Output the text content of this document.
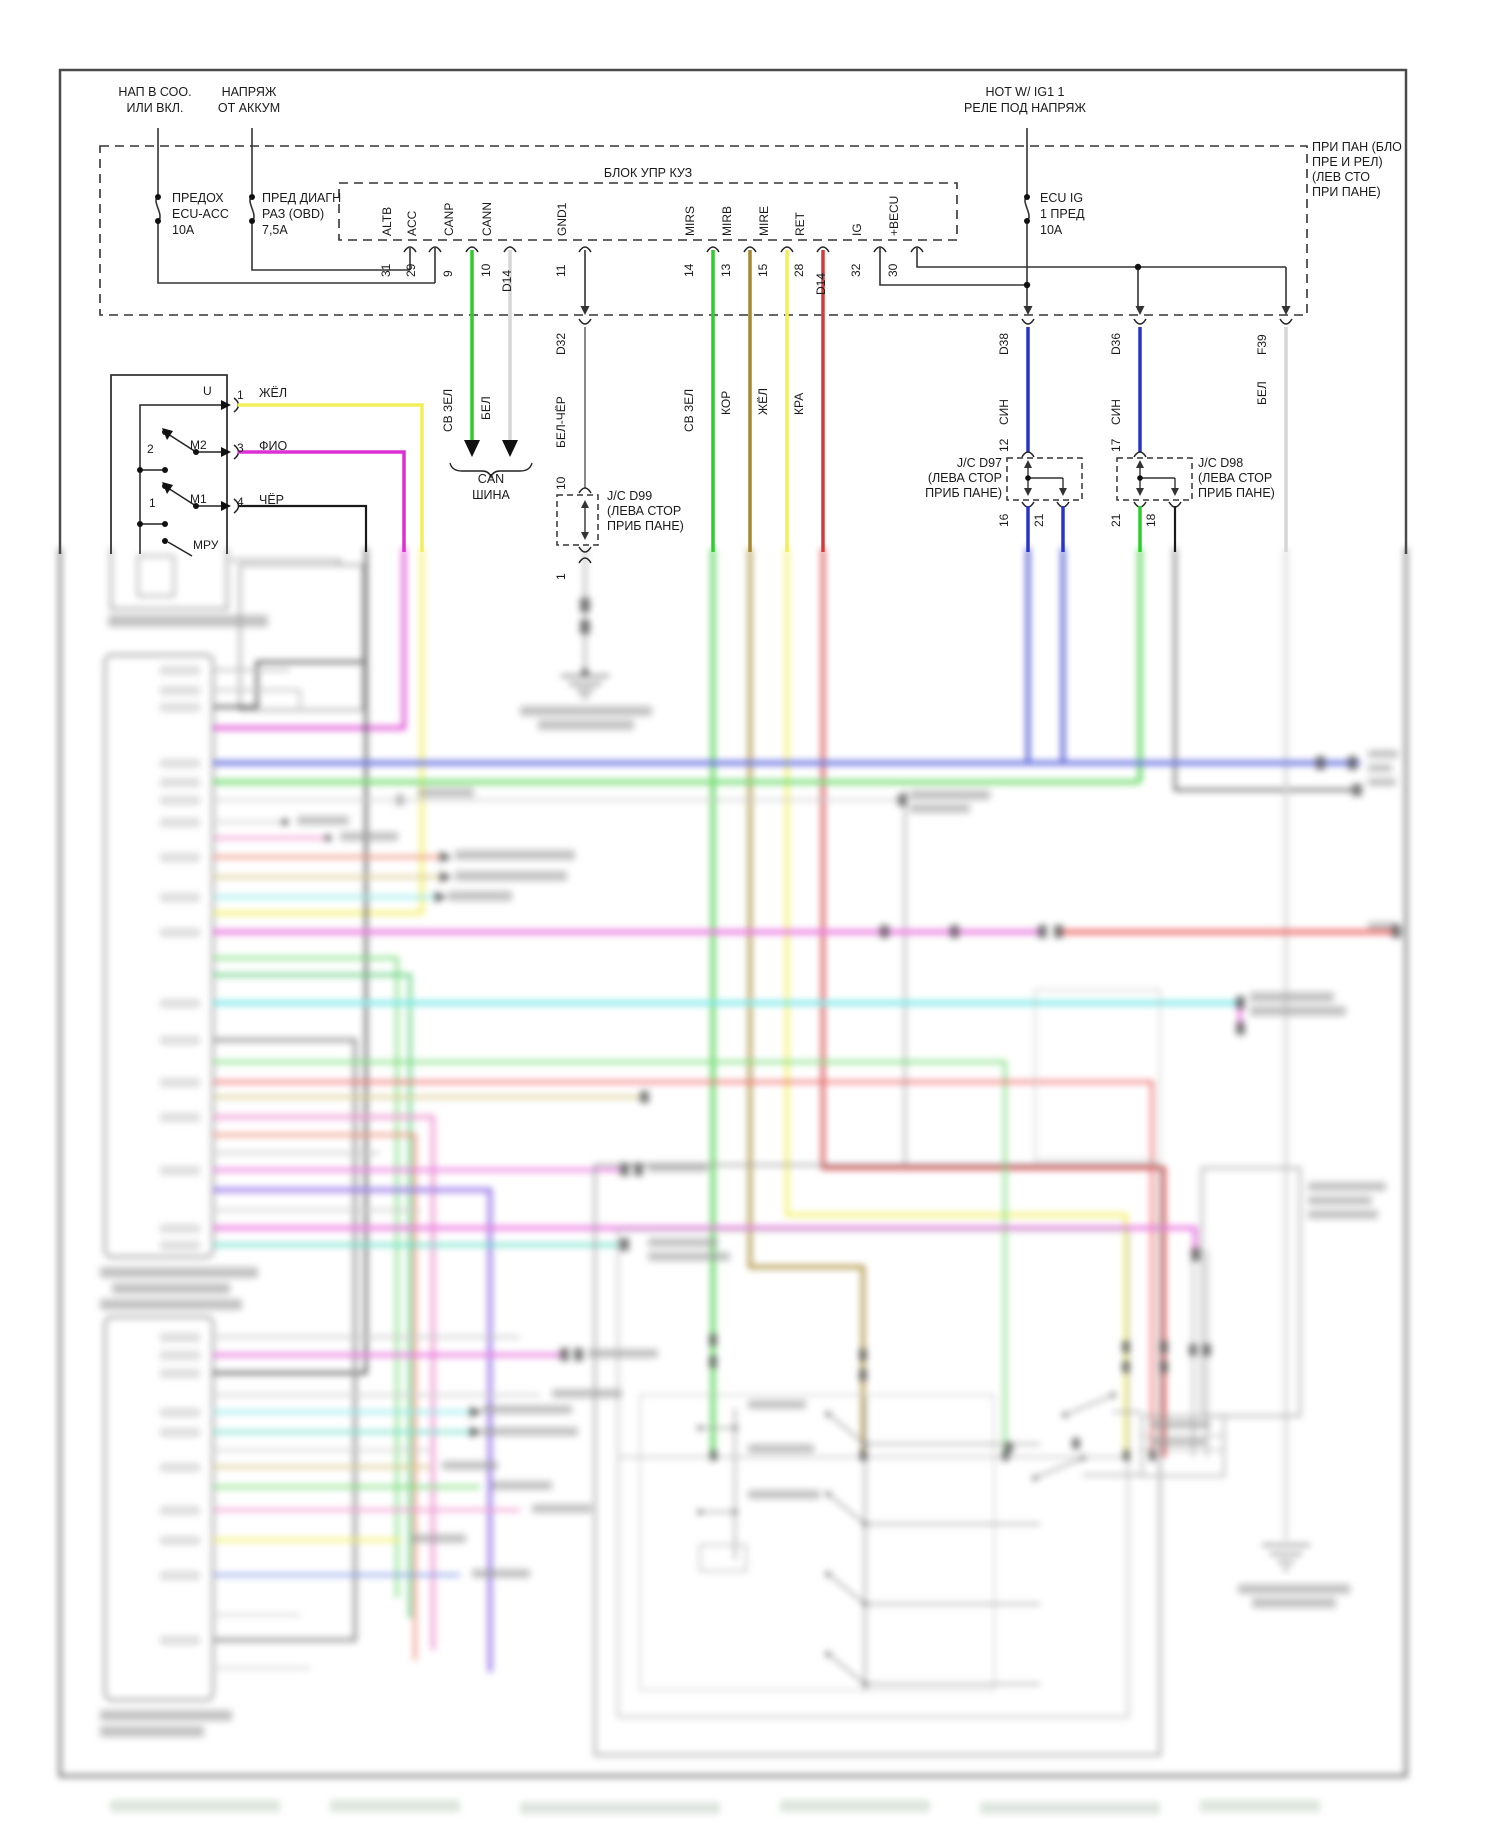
НАП В СОО.
ИЛИ ВКЛ.
НАПРЯЖ
ОТ АККУМ
HOT W/ IG1 1
РЕЛЕ ПОД НАПРЯЖ
ПРЕДОХ
ECU-ACC
10A
ПРЕД ДИАГН
РАЗ (OBD)
7,5A
ECU IG
1 ПРЕД
10A
БЛОК УПР КУЗ
CAN
ШИНА	J/C D99
(ЛЕВА СТОР
ПРИБ ПАНЕ)
J/C D97
(ЛЕВА СТОР
ПРИБ ПАНЕ)
J/C D98
(ЛЕВА СТОР
ПРИБ ПАНЕ)
ПРИ ПАН (БЛО
ПРЕ И РЕЛ)
(ЛЕВ СТО
ПРИ ПАНЕ)
U
M2
M1
МРУ
1
3
4
2
1
ЖЁЛ
ФИО
ЧЁР
ALTB
31
ACC
29
CANP
9
CANN
10
GND1
11
MIRS
14
MIRB
13
MIRE
15
RET
28
IG
32
+BECU
30
D14	D14
СВ ЗЕЛ БЕЛ	БЕЛ-ЧЁР	СВ ЗЕЛ КОР ЖЁЛ КРА	СИН	СИН
БЕЛ
D32	D38	D36	F39
10
12	17
16 21	21 18
1
